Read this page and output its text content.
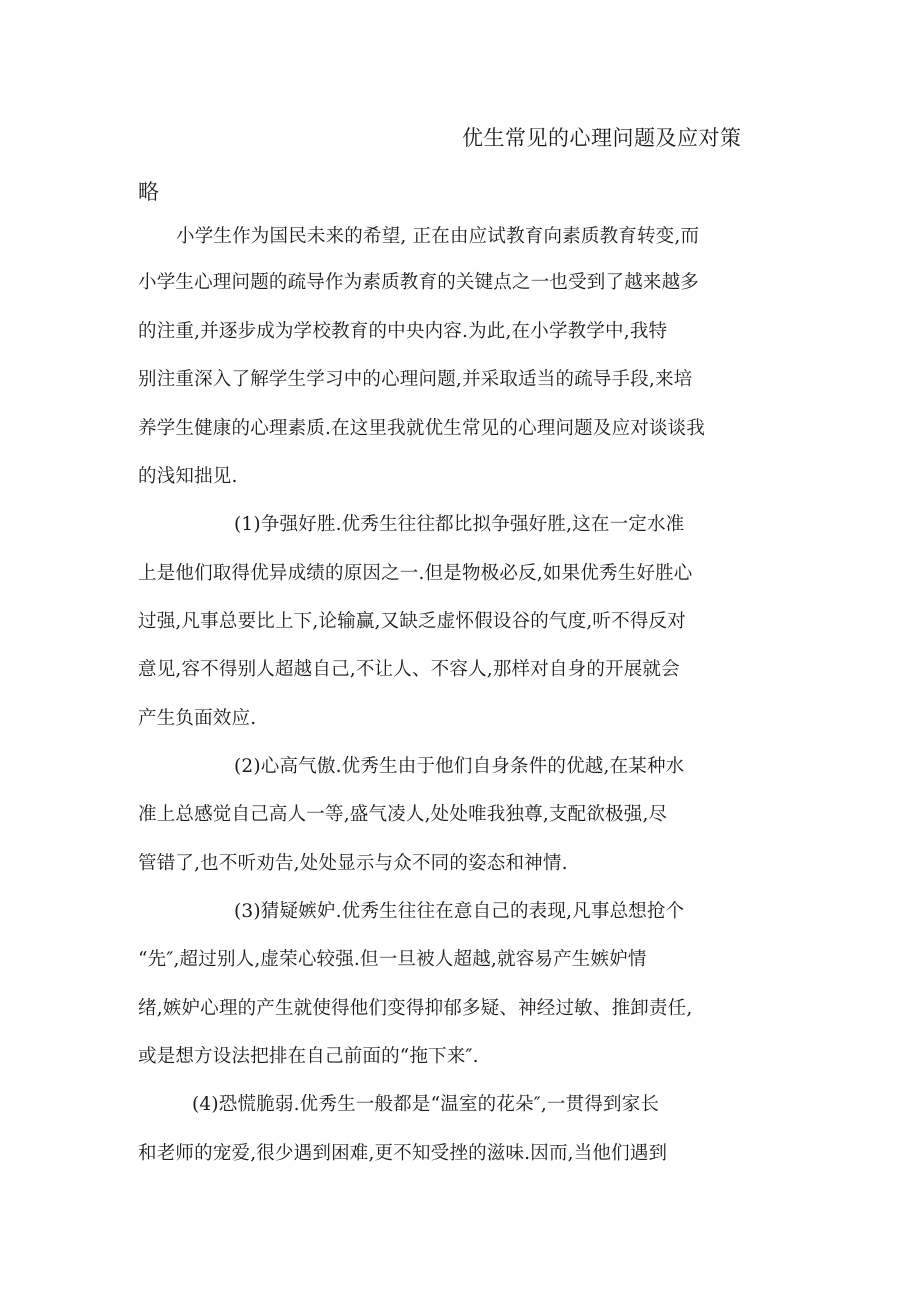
优生常见的心理问题及应对策
略
小学生作为国民未来的希望, 正在由应试教育向素质教育转变,而
小学生心理问题的疏导作为素质教育的关键点之一也受到了越来越多
的注重,并逐步成为学校教育的中央内容.为此,在小学教学中,我特
别注重深入了解学生学习中的心理问题,并采取适当的疏导手段,来培
养学生健康的心理素质.在这里我就优生常见的心理问题及应对谈谈我
的浅知拙见.
(1)争强好胜.优秀生往往都比拟争强好胜,这在一定水准
上是他们取得优异成绩的原因之一.但是物极必反,如果优秀生好胜心
过强,凡事总要比上下,论输赢,又缺乏虚怀假设谷的气度,听不得反对
意见,容不得别人超越自己,不让人、不容人,那样对自身的开展就会
产生负面效应.
(2)心高气傲.优秀生由于他们自身条件的优越,在某种水
准上总感觉自己高人一等,盛气凌人,处处唯我独尊,支配欲极强,尽
管错了,也不听劝告,处处显示与众不同的姿态和神情.
(3)猜疑嫉妒.优秀生往往在意自己的表现,凡事总想抢个
“先″,超过别人,虚荣心较强.但一旦被人超越,就容易产生嫉妒情
绪,嫉妒心理的产生就使得他们变得抑郁多疑、神经过敏、推卸责任,
或是想方设法把排在自己前面的“拖下来″.
(4)恐慌脆弱.优秀生一般都是“温室的花朵″,一贯得到家长
和老师的宠爱,很少遇到困难,更不知受挫的滋味.因而,当他们遇到
